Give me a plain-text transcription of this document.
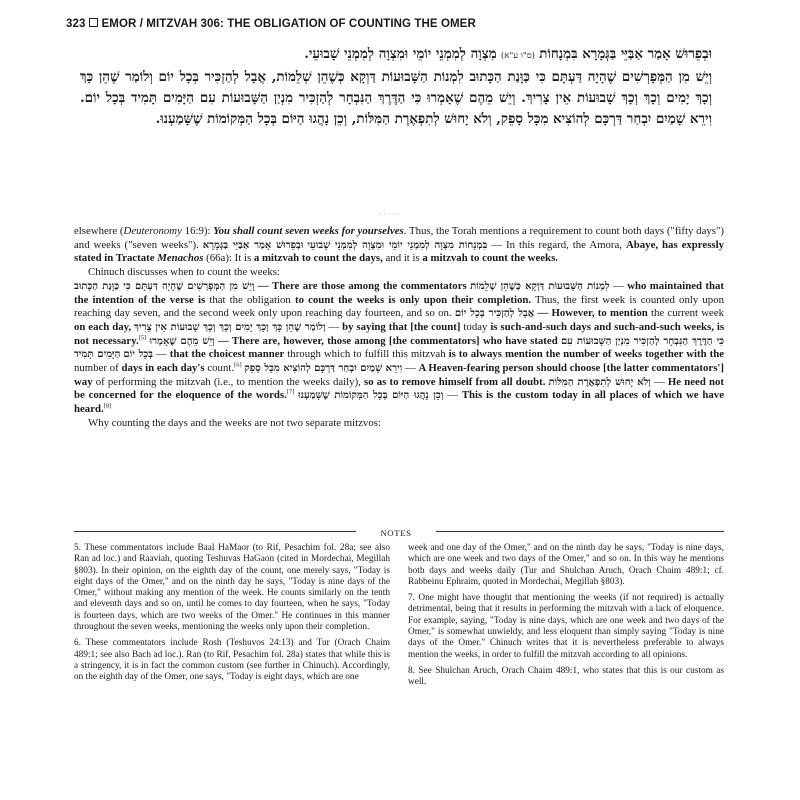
323 EMOR / MITZVAH 306: THE OBLIGATION OF COUNTING THE OMER

וּבְפֵרוּשׁ אָמַר אַבַּיֵּי בַּגְּמָרָא בִּמְנָחוֹת (ס"ו ע"א) מִצְוָה לְמִמְנֵי יוֹמֵי וּמִצְוָה לְמִמְנֵי שָׁבוּעֵי.

וְיֵשׁ מִן הַמְּפָרְשִׁים שֶׁהָיָה דַּעְתָּם כִּי כַּוָּנַת הַכָּתוּב לִמְנוֹת הַשָּׁבוּעוֹת דַּוְקָא כְּשֶׁהֵן שְׁלֵמוֹת, אֲבָל לְהַזְכִּיר בְּכָל יוֹם וְלוֹמַר שֶׁהֵן כָּךְ וְכָךְ יָמִים וְכָךְ וְכָךְ שָׁבוּעוֹת אֵין צָרִיךְ. וְיֵשׁ מֵהֶם שֶׁאָמְרוּ כִּי הַדֶּרֶךְ הַנִּבְחָר לְהַזְכִּיר מִנְיַן הַשָּׁבוּעוֹת עִם הַיָּמִים תָּמִיד בְּכָל יוֹם. וִירֵא שָׁמַיִם יִבְחַר דַּרְכָּם לְהוֹצִיא מִכָּל סָפֵק, וְלֹא יָחוּשׁ לְתִפְאֶרֶת הַמִּלּוֹת, וְכֵן נָהֲגוּ הַיּוֹם בְּכָל הַמְּקוֹמוֹת שֶׁשָּׁמַעְנוּ.

◦◦◦◦◦

elsewhere (Deuteronomy 16:9): You shall count seven weeks for yourselves. Thus, the Torah mentions a requirement to count both days ("fifty days") and weeks ("seven weeks"). וּבְפֵרוּשׁ אָמַר אַבַּיֵּי בַּגְּמָרָא בִּמְנָחוֹת מִצְוָה לְמִמְנֵי יוֹמֵי וּמִצְוָה לְמִמְנֵי שָׁבוּעֵי — In this regard, the Amora, Abaye, has expressly stated in Tractate Menachos (66a): It is a mitzvah to count the days, and it is a mitzvah to count the weeks.

Chinuch discusses when to count the weeks:

וְיֵשׁ מִן הַמְּפָרְשִׁים שֶׁהָיָה דַּעְתָּם כִּי כַּוָּנַת הַכָּתוּב — There are those among the commentators לִמְנוֹת הַשָּׁבוּעוֹת דַּוְקָא כְּשֶׁהֵן שְׁלֵמוֹת — who maintained that the intention of the verse is that the obligation to count the weeks is only upon their completion. Thus, the first week is counted only upon reaching day seven, and the second week only upon reaching day fourteen, and so on. אֲבָל לְהַזְכִּיר בְּכָל יוֹם — However, to mention the current week on each day, וְלוֹמַר שֶׁהֵן כָּךְ וְכָךְ יָמִים וְכָךְ וְכָךְ שָׁבוּעוֹת אֵין צָרִיךְ — by saying that [the count] today is such-and-such days and such-and-such weeks, is not necessary.[5] וְיֵשׁ מֵהֶם שֶׁאָמְרוּ — There are, however, those among [the commentators] who have stated כִּי הַדֶּרֶךְ הַנִּבְחָר לְהַזְכִּיר מִנְיַן הַשָּׁבוּעוֹת עִם הַיָּמִים תָּמִיד בְּכָל יוֹם — that the choicest manner through which to fulfill this mitzvah is to always mention the number of weeks together with the number of days in each day's count.[6] וִירֵא שָׁמַיִם יִבְחַר דַּרְכָּם לְהוֹצִיא מִכָּל סָפֵק — A Heaven-fearing person should choose [the latter commentators'] way of performing the mitzvah (i.e., to mention the weeks daily), so as to remove himself from all doubt. וְלֹא יָחוּשׁ לְתִפְאֶרֶת הַמִּלּוֹת — He need not be concerned for the eloquence of the words.[7] וְכֵן נָהֲגוּ הַיּוֹם בְּכָל הַמְּקוֹמוֹת שֶׁשָּׁמַעְנוּ — This is the custom today in all places of which we have heard.[8]

Why counting the days and the weeks are not two separate mitzvos:

NOTES

5. These commentators include Baal HaMaor (to Rif, Pesachim fol. 28a; see also Ran ad loc.) and Raaviah, quoting Teshuvas HaGaon (cited in Mordechai, Megillah §803). In their opinion, on the eighth day of the count, one merely says, "Today is eight days of the Omer," and on the ninth day he says, "Today is nine days of the Omer," without making any mention of the week. He counts similarly on the tenth and eleventh days and so on, until he comes to day fourteen, when he says, "Today is fourteen days, which are two weeks of the Omer." He continues in this manner throughout the seven weeks, mentioning the weeks only upon their completion.

6. These commentators include Rosh (Teshuvos 24:13) and Tur (Orach Chaim 489:1; see also Bach ad loc.). Ran (to Rif, Pesachim fol. 28a) states that while this is a stringency, it is in fact the common custom (see further in Chinuch). Accordingly, on the eighth day of the Omer, one says, "Today is eight days, which are one

week and one day of the Omer," and on the ninth day he says, "Today is nine days, which are one week and two days of the Omer," and so on. In this way he mentions both days and weeks daily (Tur and Shulchan Aruch, Orach Chaim 489:1; cf. Rabbeinu Ephraim, quoted in Mordechai, Megillah §803).

7. One might have thought that mentioning the weeks (if not required) is actually detrimental, being that it results in performing the mitzvah with a lack of eloquence. For example, saying, "Today is nine days, which are one week and two days of the Omer," is somewhat unwieldy, and less eloquent than simply saying "Today is nine days of the Omer." Chinuch writes that it is nevertheless preferable to always mention the weeks, in order to fulfill the mitzvah according to all opinions.

8. See Shulchan Aruch, Orach Chaim 489:1, who states that this is our custom as well.
